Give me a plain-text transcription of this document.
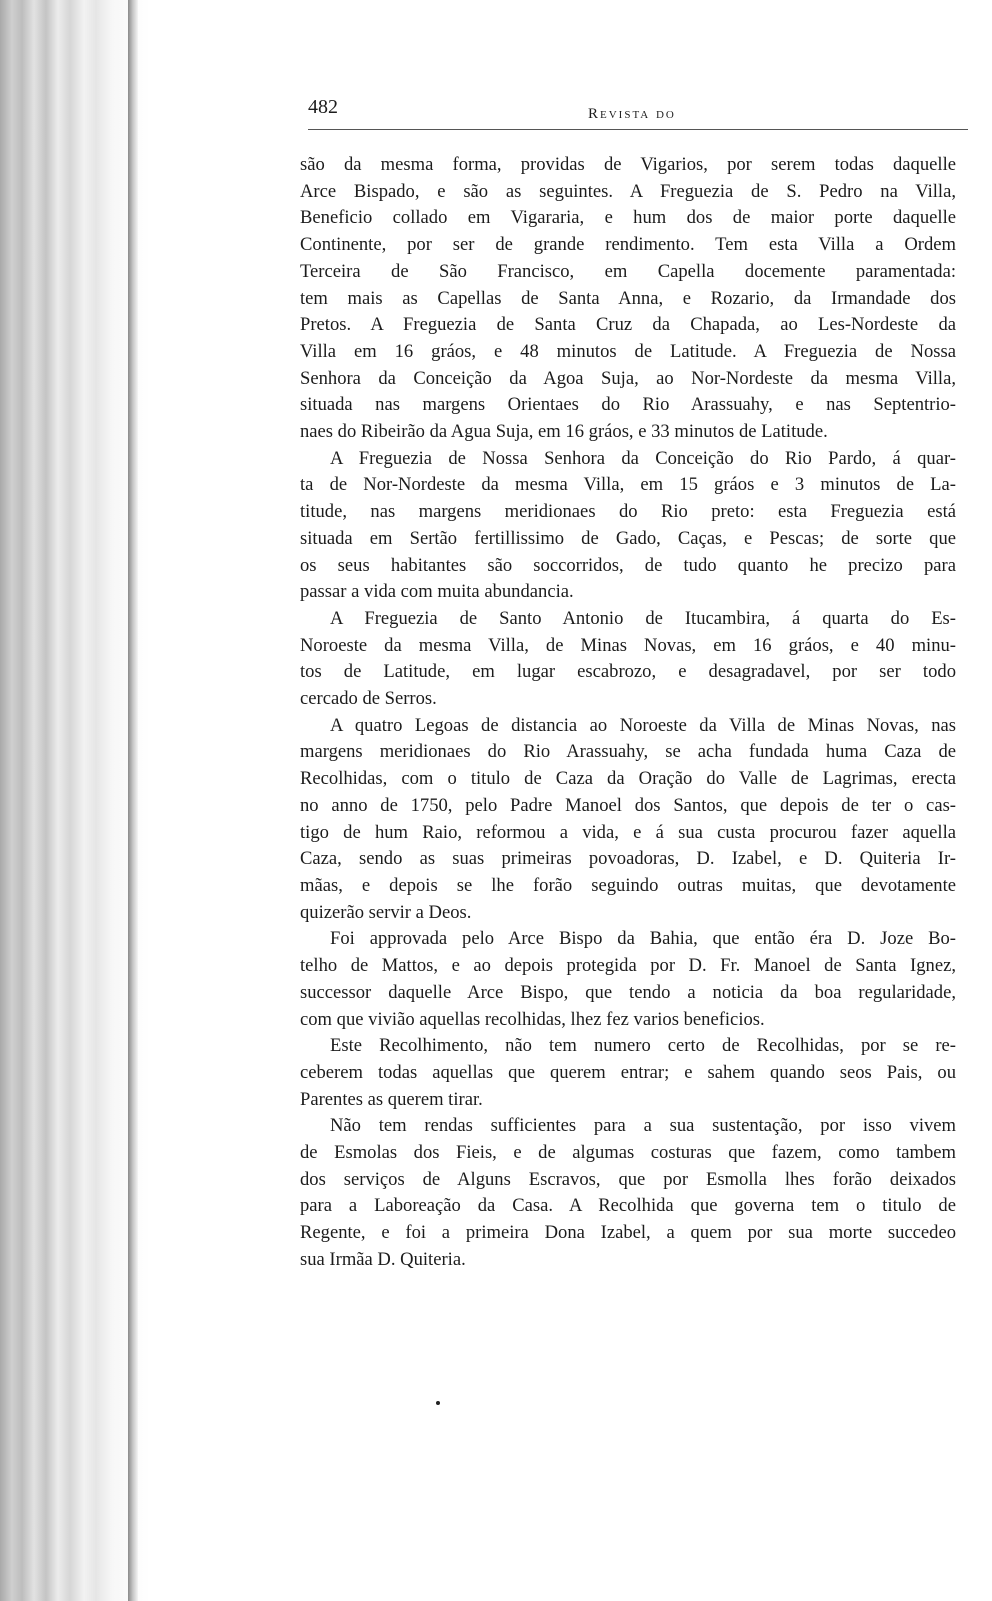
482	Revista do
são da mesma forma, providas de Vigarios, por serem todas daquelle
Arce Bispado, e são as seguintes. A Freguezia de S. Pedro na Villa,
Beneficio collado em Vigararia, e hum dos de maior porte daquelle
Continente, por ser de grande rendimento. Tem esta Villa a Ordem
Terceira de São Francisco, em Capella docemente paramentada:
tem mais as Capellas de Santa Anna, e Rozario, da Irmandade dos
Pretos. A Freguezia de Santa Cruz da Chapada, ao Les-Nordeste da
Villa em 16 gráos, e 48 minutos de Latitude. A Freguezia de Nossa
Senhora da Conceição da Agoa Suja, ao Nor-Nordeste da mesma Villa,
situada nas margens Orientaes do Rio Arassuahy, e nas Septentrio-
naes do Ribeirão da Agua Suja, em 16 gráos, e 33 minutos de Latitude.
A Freguezia de Nossa Senhora da Conceição do Rio Pardo, á quar-
ta de Nor-Nordeste da mesma Villa, em 15 gráos e 3 minutos de La-
titude, nas margens meridionaes do Rio preto: esta Freguezia está
situada em Sertão fertillissimo de Gado, Caças, e Pescas; de sorte que
os seus habitantes são soccorridos, de tudo quanto he precizo para
passar a vida com muita abundancia.
A Freguezia de Santo Antonio de Itucambira, á quarta do Es-
Noroeste da mesma Villa, de Minas Novas, em 16 gráos, e 40 minu-
tos de Latitude, em lugar escabrozo, e desagradavel, por ser todo
cercado de Serros.
A quatro Legoas de distancia ao Noroeste da Villa de Minas Novas, nas
margens meridionaes do Rio Arassuahy, se acha fundada huma Caza de
Recolhidas, com o titulo de Caza da Oração do Valle de Lagrimas, erecta
no anno de 1750, pelo Padre Manoel dos Santos, que depois de ter o cas-
tigo de hum Raio, reformou a vida, e á sua custa procurou fazer aquella
Caza, sendo as suas primeiras povoadoras, D. Izabel, e D. Quiteria Ir-
mãas, e depois se lhe forão seguindo outras muitas, que devotamente
quizerão servir a Deos.
Foi approvada pelo Arce Bispo da Bahia, que então éra D. Joze Bo-
telho de Mattos, e ao depois protegida por D. Fr. Manoel de Santa Ignez,
successor daquelle Arce Bispo, que tendo a noticia da boa regularidade,
com que vivião aquellas recolhidas, lhez fez varios beneficios.
Este Recolhimento, não tem numero certo de Recolhidas, por se re-
ceberem todas aquellas que querem entrar; e sahem quando seos Pais, ou
Parentes as querem tirar.
Não tem rendas sufficientes para a sua sustentação, por isso vivem
de Esmolas dos Fieis, e de algumas costuras que fazem, como tambem
dos serviços de Alguns Escravos, que por Esmolla lhes forão deixados
para a Laboreação da Casa. A Recolhida que governa tem o titulo de
Regente, e foi a primeira Dona Izabel, a quem por sua morte succedeo
sua Irmãa D. Quiteria.
